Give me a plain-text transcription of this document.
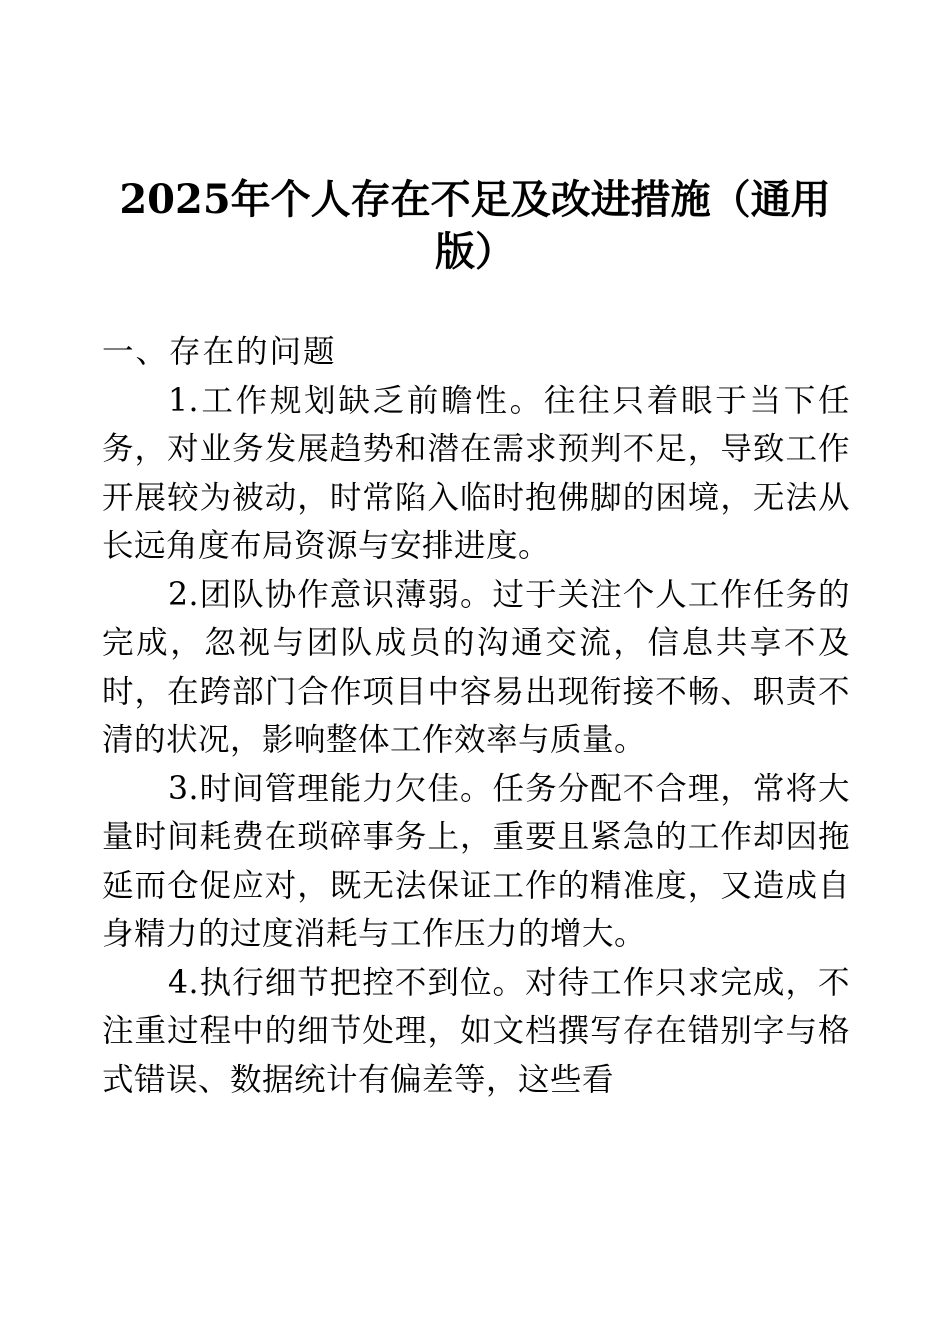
2025年个人存在不足及改进措施（通用版）

一、存在的问题

1.工作规划缺乏前瞻性。往往只着眼于当下任务，对业务发展趋势和潜在需求预判不足，导致工作开展较为被动，时常陷入临时抱佛脚的困境，无法从长远角度布局资源与安排进度。

2.团队协作意识薄弱。过于关注个人工作任务的完成，忽视与团队成员的沟通交流，信息共享不及时，在跨部门合作项目中容易出现衔接不畅、职责不清的状况，影响整体工作效率与质量。

3.时间管理能力欠佳。任务分配不合理，常将大量时间耗费在琐碎事务上，重要且紧急的工作却因拖延而仓促应对，既无法保证工作的精准度，又造成自身精力的过度消耗与工作压力的增大。

4.执行细节把控不到位。对待工作只求完成，不注重过程中的细节处理，如文档撰写存在错别字与格式错误、数据统计有偏差等，这些看
